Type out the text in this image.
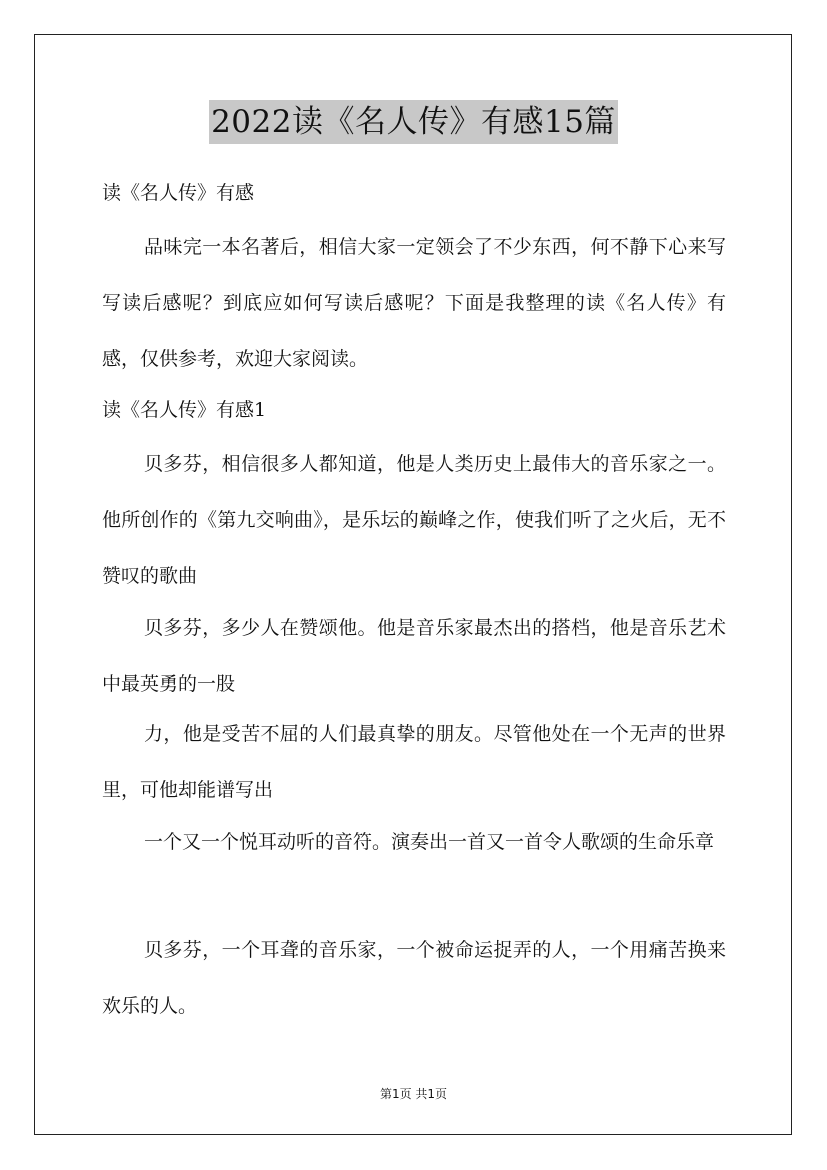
2022读《名人传》有感15篇

读《名人传》有感

品味完一本名著后，相信大家一定领会了不少东西，何不静下心来写写读后感呢？到底应如何写读后感呢？下面是我整理的读《名人传》有感，仅供参考，欢迎大家阅读。

读《名人传》有感1

贝多芬，相信很多人都知道，他是人类历史上最伟大的音乐家之一。他所创作的《第九交响曲》，是乐坛的巅峰之作，使我们听了之火后，无不赞叹的歌曲

贝多芬，多少人在赞颂他。他是音乐家最杰出的搭档，他是音乐艺术中最英勇的一股

力，他是受苦不屈的人们最真挚的朋友。尽管他处在一个无声的世界里，可他却能谱写出

一个又一个悦耳动听的音符。演奏出一首又一首令人歌颂的生命乐章

贝多芬，一个耳聋的音乐家，一个被命运捉弄的人，一个用痛苦换来欢乐的人。

第1页 共1页
